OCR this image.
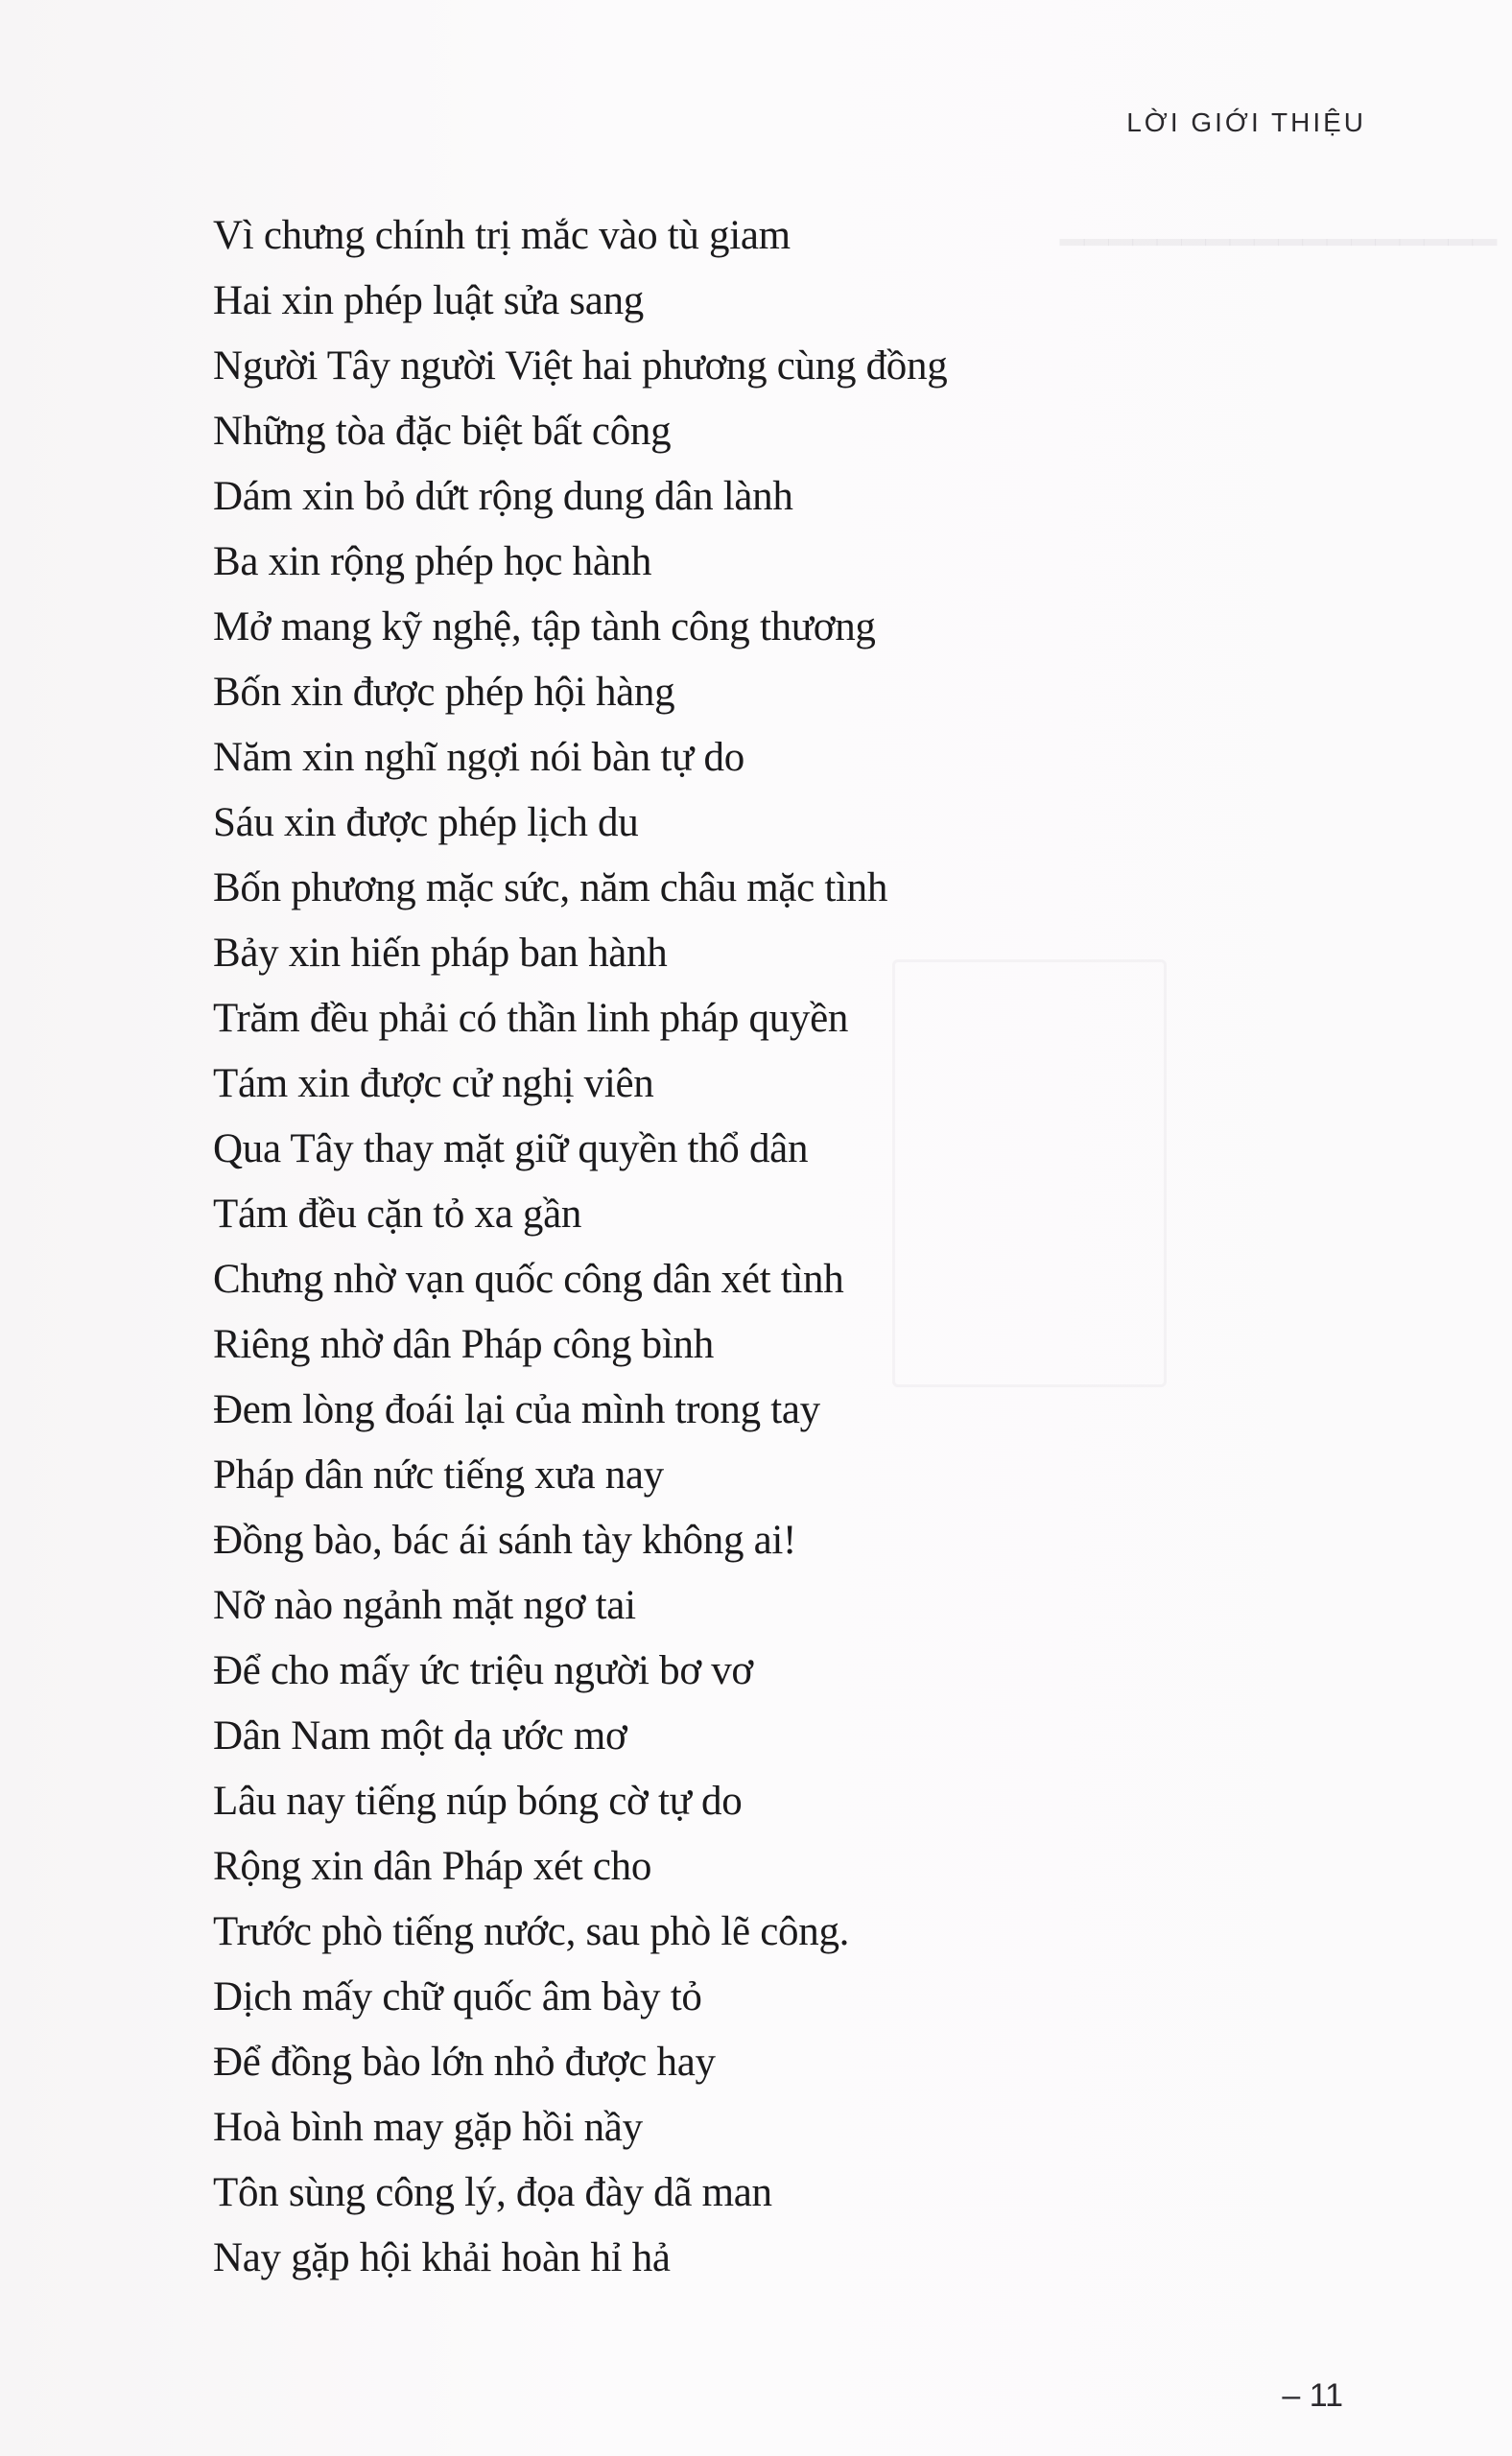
━━━━━━━━━━━━━━━━━━
LỜI GIỚI THIỆU
Vì chưng chính trị mắc vào tù giam
Hai xin phép luật sửa sang
Người Tây người Việt hai phương cùng đồng
Những tòa đặc biệt bất công
Dám xin bỏ dứt rộng dung dân lành
Ba xin rộng phép học hành
Mở mang kỹ nghệ, tập tành công thương
Bốn xin được phép hội hàng
Năm xin nghĩ ngợi nói bàn tự do
Sáu xin được phép lịch du
Bốn phương mặc sức, năm châu mặc tình
Bảy xin hiến pháp ban hành
Trăm đều phải có thần linh pháp quyền
Tám xin được cử nghị viên
Qua Tây thay mặt giữ quyền thổ dân
Tám đều cặn tỏ xa gần
Chưng nhờ vạn quốc công dân xét tình
Riêng nhờ dân Pháp công bình
Đem lòng đoái lại của mình trong tay
Pháp dân nức tiếng xưa nay
Đồng bào, bác ái sánh tày không ai!
Nỡ nào ngảnh mặt ngơ tai
Để cho mấy ức triệu người bơ vơ
Dân Nam một dạ ước mơ
Lâu nay tiếng núp bóng cờ tự do
Rộng xin dân Pháp xét cho
Trước phò tiếng nước, sau phò lẽ công.
Dịch mấy chữ quốc âm bày tỏ
Để đồng bào lớn nhỏ được hay
Hoà bình may gặp hồi nầy
Tôn sùng công lý, đọa đày dã man
Nay gặp hội khải hoàn hỉ hả
– 11
